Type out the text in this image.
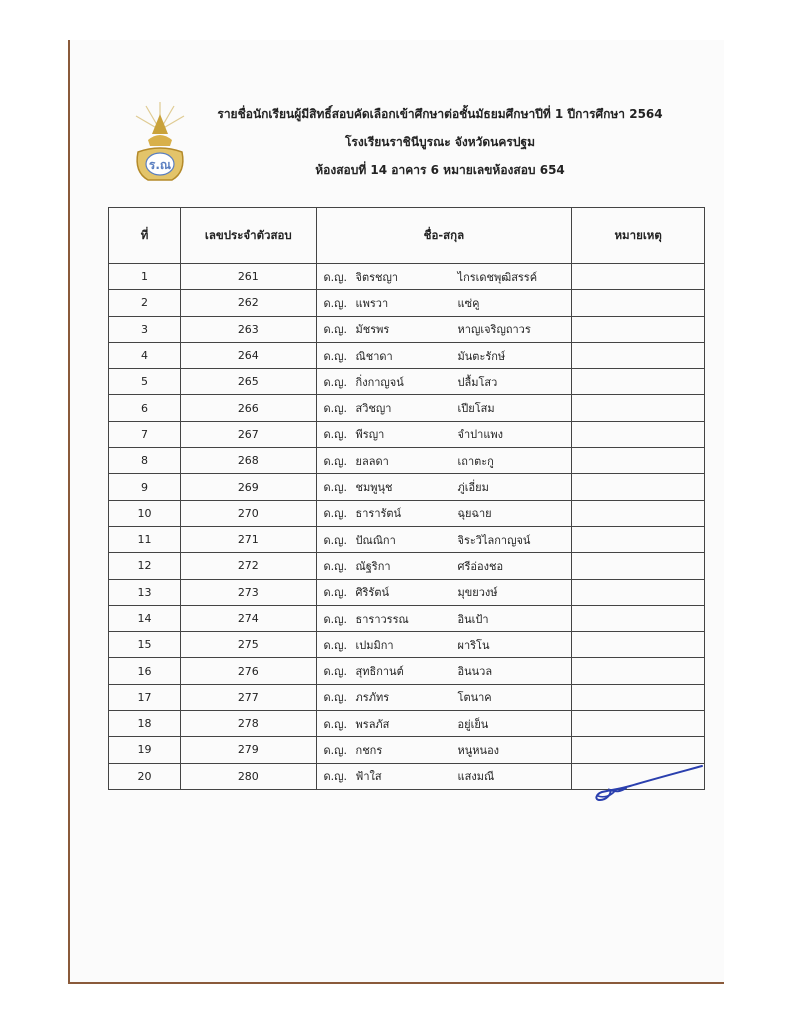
ร.ณ
รายชื่อนักเรียนผู้มีสิทธิ์สอบคัดเลือกเข้าศึกษาต่อชั้นมัธยมศึกษาปีที่ 1 ปีการศึกษา 2564
โรงเรียนราชินีบูรณะ จังหวัดนครปฐม
ห้องสอบที่ 14 อาคาร 6 หมายเลขห้องสอบ 654
ที่	เลขประจำตัวสอบ	ชื่อ-สกุล	หมายเหตุ
1	261	ด.ญ. จิตรชญา ไกรเดชพุฒิสรรค์	

2	262	ด.ญ. แพรวา แซ่คู	

3	263	ด.ญ. มัชรพร หาญเจริญถาวร	

4	264	ด.ญ. ณิชาดา มันตะรักษ์	

5	265	ด.ญ. กิ่งกาญจน์ ปลื้มโสว	

6	266	ด.ญ. สวิชญา เปียโสม	

7	267	ด.ญ. พีรญา จำปาแพง	

8	268	ด.ญ. ยลลดา เถาตะกู	

9	269	ด.ญ. ชมพูนุช ภู่เอี่ยม	

10	270	ด.ญ. ธารารัตน์ ฉุยฉาย	

11	271	ด.ญ. ปัณณิกา จิระวิไลกาญจน์	

12	272	ด.ญ. ณัฐริกา ศรีอ่องชอ	

13	273	ด.ญ. ศิริรัตน์ มุขยวงษ์	

14	274	ด.ญ. ธาราวรรณ อินเป้า	

15	275	ด.ญ. เปมมิกา ผาริโน	

16	276	ด.ญ. สุทธิกานต์ อินนวล	

17	277	ด.ญ. ภรภัทร โตนาค	

18	278	ด.ญ. พรลภัส อยู่เย็น	

19	279	ด.ญ. กชกร หนูหนอง	

20	280	ด.ญ. ฟ้าใส แสงมณี	
